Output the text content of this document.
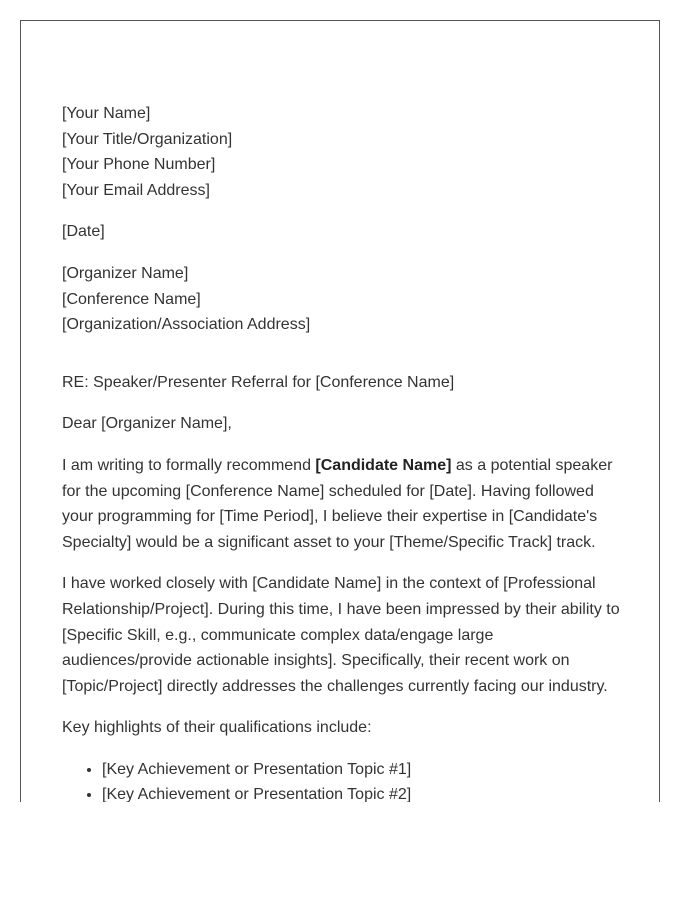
[Your Name]
[Your Title/Organization]
[Your Phone Number]
[Your Email Address]
[Date]
[Organizer Name]
[Conference Name]
[Organization/Association Address]
RE: Speaker/Presenter Referral for [Conference Name]
Dear [Organizer Name],

I am writing to formally recommend [Candidate Name] as a potential speaker for the upcoming [Conference Name] scheduled for [Date]. Having followed your programming for [Time Period], I believe their expertise in [Candidate's Specialty] would be a significant asset to your [Theme/Specific Track] track.

I have worked closely with [Candidate Name] in the context of [Professional Relationship/Project]. During this time, I have been impressed by their ability to [Specific Skill, e.g., communicate complex data/engage large audiences/provide actionable insights]. Specifically, their recent work on [Topic/Project] directly addresses the challenges currently facing our industry.

Key highlights of their qualifications include:
• [Key Achievement or Presentation Topic #1]
• [Key Achievement or Presentation Topic #2]
